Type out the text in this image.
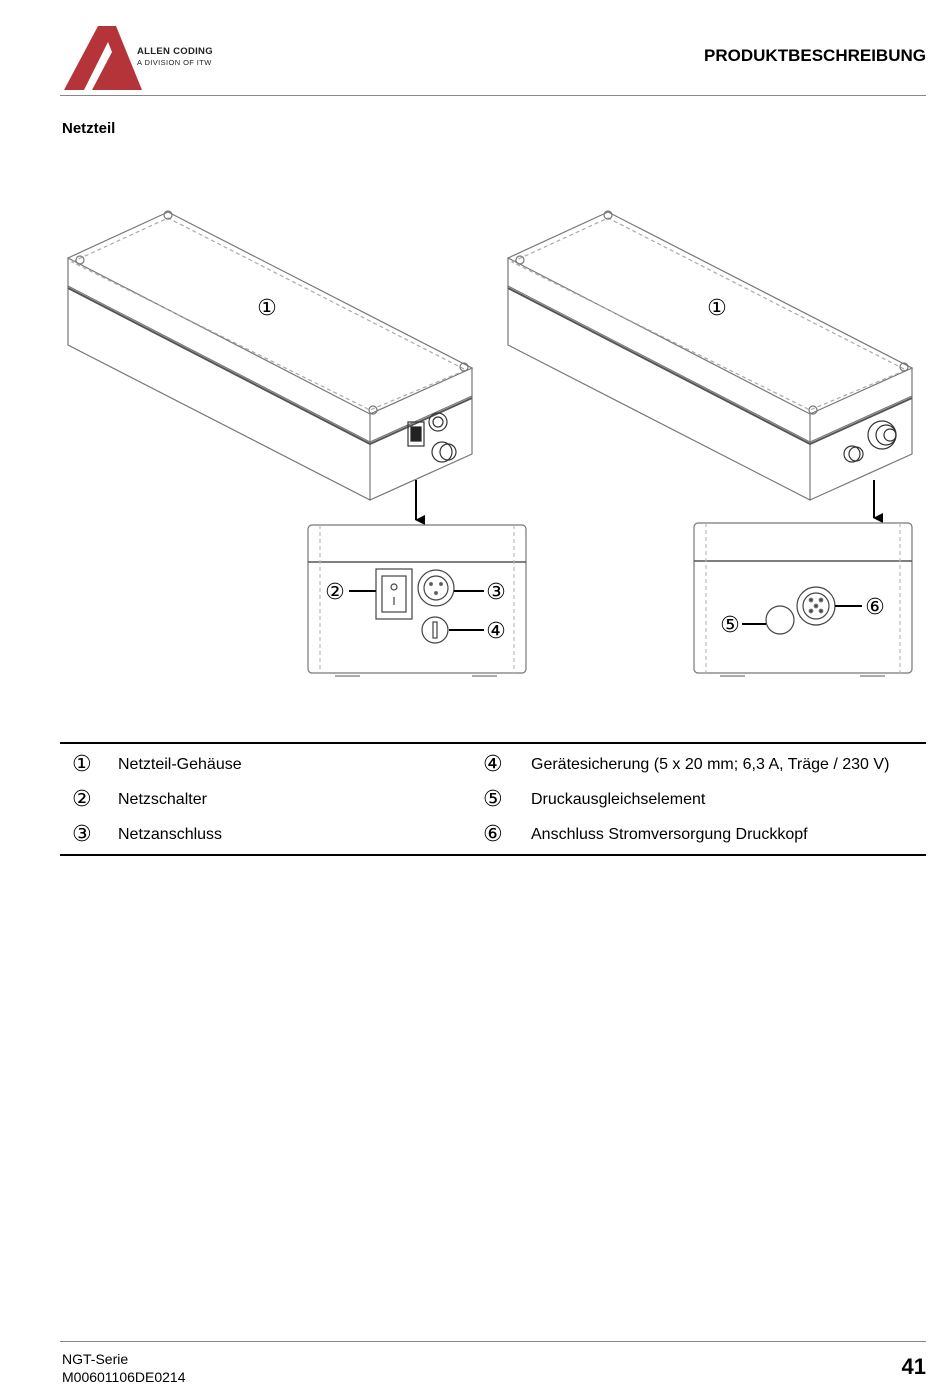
ALLEN CODING
A DIVISION OF ITW	PRODUKTBESCHREIBUNG
Netzteil
①	①
②	③
④	⑤
⑥
①	Netzteil-Gehäuse	④	Gerätesicherung (5 x 20 mm; 6,3 A, Träge / 230 V)
②	Netzschalter	⑤	Druckausgleichselement
③	Netzanschluss	⑥	Anschluss Stromversorgung Druckkopf
NGT-Serie
M00601106DE0214	41
